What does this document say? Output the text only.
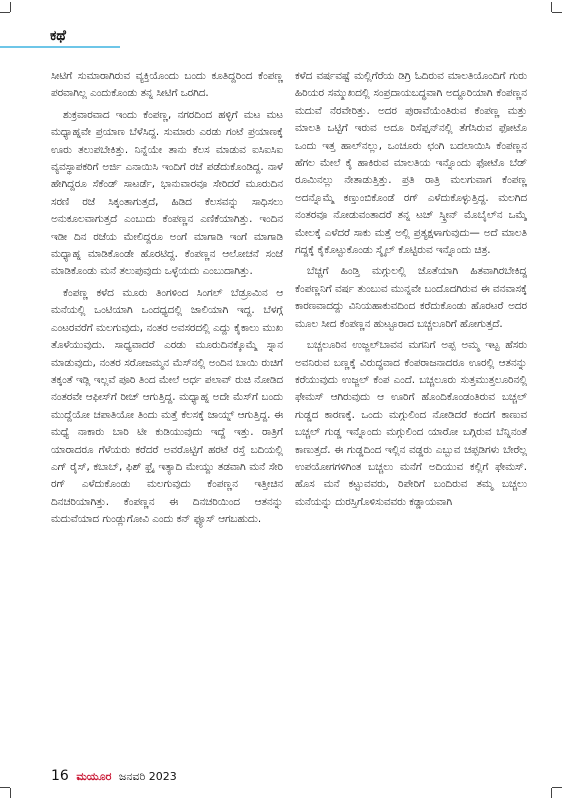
ಕಥೆ

ಸೀಟಿಗೆ ಸುಮಾರಾಗಿರುವ ವ್ಯಕ್ತಿಯೊಂದು ಬಂದು ಕೂತಿದ್ದರಿಂದ ಕೆಂಪಣ್ಣ ಪರವಾಗಿಲ್ಲ ಎಂದುಕೊಂಡು ತನ್ನ ಸೀಟಿಗೆ ಒರಗಿದ.

ಶುಕ್ರವಾರವಾದ ಇಂದು ಕೆಂಪಣ್ಣ, ನಗರದಿಂದ ಹಳ್ಳಿಗೆ ಮಟ ಮಟ ಮಧ್ಯಾಹ್ನವೇ ಪ್ರಯಾಣ ಬೆಳೆಸಿದ್ದ. ಸುಮಾರು ಎರಡು ಗಂಟೆ ಪ್ರಯಾಣಕ್ಕೆ ಊರು ತಲುಪಬೇಕಿತ್ತು. ನಿನ್ನೆಯೇ ತಾನು ಕೆಲಸ ಮಾಡುವ ಐಸಿಐಸಿಐ ವ್ಯವಸ್ಥಾಪಕರಿಗೆ ಅರ್ಜಿ ಎನಾಯಿಸಿ ಇಂದಿಗೆ ರಜೆ ಪಡೆದುಕೊಂಡಿದ್ದ. ನಾಳೆ ಹೇಗಿದ್ದರೂ ಸೆಕೆಂಡ್ ಸಾಟರ್ಡೆ, ಭಾನುವಾರವೂ ಸೇರಿದರೆ ಮೂರುದಿನ ಸರಣಿ ರಜೆ ಸಿಕ್ಕಂತಾಗುತ್ತದೆ, ಹಿಡಿದ ಕೆಲಸವನ್ನು ಸಾಧಿಸಲು ಅನುಕೂಲವಾಗುತ್ತದೆ ಎಂಬುದು ಕೆಂಪಣ್ಣನ ಎಣಿಕೆಯಾಗಿತ್ತು. ಇಂದಿನ ಇಡೀ ದಿನ ರಜೆಯ ಮೇಲಿದ್ದರೂ ಅಂಗೆ ಮಾಗಾಡಿ ಇಂಗೆ ಮಾಗಾಡಿ ಮಧ್ಯಾಹ್ನ ಮಾಡಿಕೊಂಡೇ ಹೊರಟಿದ್ದ. ಕೆಂಪಣ್ಣನ ಆಲೋಚನೆ ಸಂಜೆ ಮಾಡಿಕೊಂಡು ಮನೆ ತಲುಪುವುದು ಒಳ್ಳೆಯದು ಎಂಬುದಾಗಿತ್ತು.

ಕೆಂಪಣ್ಣ ಕಳೆದ ಮೂರು ತಿಂಗಳಿಂದ ಸಿಂಗಲ್ ಬೆಡ್ರೂಮಿನ ಆ ಮನೆಯಲ್ಲಿ ಒಂಟಿಯಾಗಿ ಒಂದಧ್ಯದಲ್ಲಿ ಜಾಲಿಯಾಗಿ ಇದ್ದ. ಬೆಳಗ್ಗೆ ಎಂಟರವರೆಗೆ ಮಲಗುವುದು, ನಂತರ ಅವಸರದಲ್ಲಿ ಎದ್ದು ಕೈಕಾಲು ಮುಖ ತೊಳೆಯುವುದು. ಸಾಧ್ಯವಾದರೆ ಎರಡು ಮೂರುದಿನಕ್ಕೊಮ್ಮೆ ಸ್ನಾನ ಮಾಡುವುದು, ನಂತರ ಸರೋಜಮ್ಮನ ಮೆಸ್‌ನಲ್ಲಿ ಅಂದಿನ ಬಾಯಿ ರುಚಿಗೆ ತಕ್ಕಂತೆ ಇಡ್ಲಿ ಇಲ್ಲವೆ ಪೂರಿ ತಿಂದ ಮೇಲೆ ಅರ್ಧ ಪಲಾವ್ ರುಚಿ ನೋಡಿದ ನಂತರವೇ ಆಫೀಸ್‌ಗೆ ರೀಚ್ ಆಗುತ್ತಿದ್ದ. ಮಧ್ಯಾಹ್ನ ಅದೇ ಮೆಸ್‌ಗೆ ಬಂದು ಮುದ್ದೆಯೋ ಚಪಾತಿಯೋ ತಿಂದು ಮತ್ತೆ ಕೆಲಸಕ್ಕೆ ಜಾಯ್ನ್ ಆಗುತ್ತಿದ್ದ. ಈ ಮಧ್ಯೆ ನಾಕಾರು ಬಾರಿ ಟೀ ಕುಡಿಯುವುದು ಇದ್ದೆ ಇತ್ತು. ರಾತ್ರಿಗೆ ಯಾರಾದರೂ ಗೆಳೆಯರು ಕರೆದರೆ ಅವರೊಟ್ಟಿಗೆ ಹರಟೆ ರಸ್ತೆ ಬದಿಯಲ್ಲಿ ಎಗ್ ರೈಸ್, ಕಬಾಬ್, ಫಿಶ್ ಫ್ರೈ ಇತ್ಯಾದಿ ಮೇಯ್ದು ತಡವಾಗಿ ಮನೆ ಸೇರಿ ರಗ್ ಎಳೆದುಕೊಂಡು ಮಲಗುವುದು ಕೆಂಪಣ್ಣನ ಇತ್ತೀಚಿನ ದಿನಚರಿಯಾಗಿತ್ತು. ಕೆಂಪಣ್ಣನ ಈ ದಿನಚರಿಯಿಂದ ಆತನನ್ನು ಮದುವೆಯಾದ ಗುಂಡ್ಲುಗೋವಿ ಎಂದು ಕನ್‌ ಫ್ಯೂಸ್ ಆಗಬಹುದು.

ಕಳೆದ ವರ್ಷವಷ್ಟೆ ಮಲ್ಲಿಗೆರೆಯ ಡಿಗ್ರಿ ಓದಿರುವ ಮಾಲತಿಯೊಂದಿಗೆ ಗುರು ಹಿರಿಯರ ಸಮ್ಮುಖದಲ್ಲಿ ಸಂಪ್ರದಾಯಬದ್ಧವಾಗಿ ಅದ್ದೂರಿಯಾಗಿ ಕೆಂಪಣ್ಣನ ಮದುವೆ ನೆರವೇರಿತ್ತು. ಅದರ ಪುರಾವೆಯೆಂತಿರುವ ಕೆಂಪಣ್ಣ ಮತ್ತು ಮಾಲತಿ ಒಟ್ಟಿಗೆ ಇರುವ ಅದೂ ರಿಸೆಪ್ಷನ್‌ನಲ್ಲಿ ತೆಗೆಸಿರುವ ಫೋಟೊ ಒಂದು ಇತ್ತ ಹಾಲ್‌ನಲ್ಲು, ಒಂಚೂರು ಛಂಗಿ ಬದಲಾಯಿಸಿ ಕೆಂಪಣ್ಣನ ಹೆಗಲ ಮೇಲೆ ಕೈ ಹಾಕಿರುವ ಮಾಲತಿಯ ಇನ್ನೊಂದು ಫೋಟೊ ಬೆಡ್ ರೂಮಿನಲ್ಲು ನೇತಾಡುತ್ತಿತ್ತು. ಪ್ರತಿ ರಾತ್ರಿ ಮಲಗುವಾಗ ಕೆಂಪಣ್ಣ ಅದನ್ನೊಮ್ಮೆ ಕಣ್ತುಂಬಿಕೊಂಡೆ ರಗ್ ಎಳೆದುಕೊಳ್ಳುತ್ತಿದ್ದ. ಮಲಗಿದ ನಂತರವೂ ನೋಡುವಂತಾದರೆ ತನ್ನ ಟಚ್ ಸ್ಕ್ರೀನ್ ಮೊಬೈಲ್‌ನ ಒಮ್ಮೆ ಮೇಲಕ್ಕೆ ಎಳೆದರೆ ಸಾಕು ಮತ್ತೆ ಅಲ್ಲಿ ಪ್ರತ್ಯಕ್ಷಳಾಗುವುದು— ಅದೆ ಮಾಲತಿ ಗದ್ದಕ್ಕೆ ಕೈಕೊಟ್ಟುಕೊಂಡು ಸ್ಮೈಲ್ ಕೊಟ್ಟಿರುವ ಇನ್ನೊಂದು ಚಿತ್ರ.

ಬೆಚ್ಚಗೆ ಹಿಂಡ್ತಿ ಮಗ್ಗುಲಲ್ಲಿ ಜೊತೆಯಾಗಿ ಹಿತವಾಗಿರಬೇಕಿದ್ದ ಕೆಂಪಣ್ಣನಿಗೆ ವರ್ಷ ತುಂಬುವ ಮುನ್ನವೇ ಬಂದೊದಗಿರುವ ಈ ವನವಾಸಕ್ಕೆ ಕಾರಣವಾದದ್ದು ವಿನಿಯಹಾಕುವದಿಂದ ಕರೆದುಕೊಂಡು ಹೊರಟರೆ ಅದರ ಮೂಲ ಸೀದ ಕೆಂಪಣ್ಣನ ಹುಟ್ಟೂರಾದ ಬಚ್ಚಲೂರಿಗೆ ಹೋಗುತ್ತದೆ.

ಬಚ್ಚಲೂರಿನ ಉಜ್ಜಲ್‌ಬಾವನ ಮಗನಿಗೆ ಅಪ್ಪ ಅಮ್ಮ ಇಟ್ಟ ಹೆಸರು ಅವನಿರುವ ಬಣ್ಣಕ್ಕೆ ವಿರುದ್ಧವಾದ ಕೆಂಪರಾಜನಾದರೂ ಊರಲ್ಲಿ ಆತನನ್ನು ಕರೆಯುವುದು ಉಜ್ಜಲ್ ಕೆಂಪ ಎಂದೆ. ಬಚ್ಚಲೂರು ಸುತ್ತಮುತ್ತಲೂರಿನಲ್ಲಿ ಫೇಮಸ್ ಆಗಿರುವುದು ಆ ಊರಿಗೆ ಹೊಂದಿಕೊಂಡಂತಿರುವ ಬಚ್ಚಲ್ ಗುಡ್ಡದ ಕಾರಣಕ್ಕೆ. ಒಂದು ಮಗ್ಗುಲಿಂದ ನೋಡಿದರೆ ಕಂದಗೆ ಕಾಣುವ ಬಚ್ಚಲ್ ಗುಡ್ಡ ಇನ್ನೊಂದು ಮಗ್ಗುಲಿಂದ ಯಾರೋ ಬಗ್ಗಿರುವ ಬೆನ್ನಿನಂತೆ ಕಾಣುತ್ತದೆ. ಈ ಗುಡ್ಡದಿಂದ ಇಲ್ಲಿನ ವಡ್ಡರು ಎಬ್ಬುವ ಚಪ್ಪಡಿಗಳು ಬೇರೆಲ್ಲ ಉಪಯೋಗಗಳಿಗಿಂತ ಬಚ್ಚಲು ಮನೆಗೆ ಅದಿಯುವ ಕಲ್ಲಿಗೆ ಫೇಮಸ್. ಹೊಸ ಮನೆ ಕಟ್ಟುವವರು, ರಿಪೇರಿಗೆ ಬಂದಿರುವ ತಮ್ಮ ಬಚ್ಚಲು ಮನೆಯನ್ನು ದುರಸ್ತಿಗೊಳಿಸುವವರು ಕಡ್ಡಾಯವಾಗಿ

16 ಮಯೂರ ಜನವರಿ 2023
